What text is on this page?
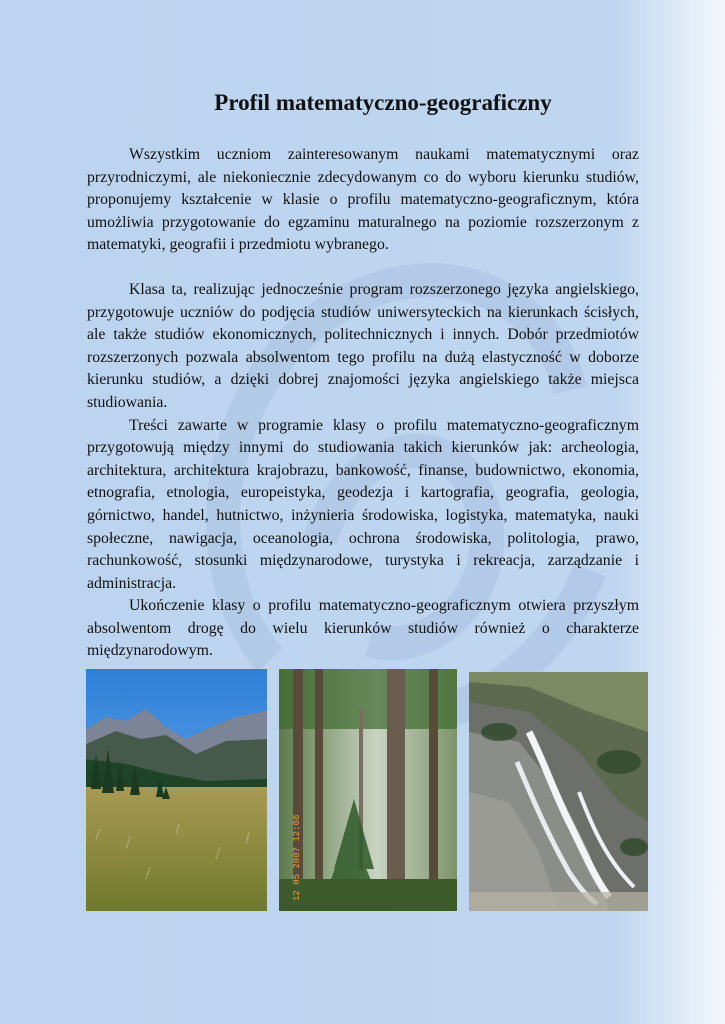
Profil matematyczno-geograficzny

Wszystkim uczniom zainteresowanym naukami matematycznymi oraz przyrodniczymi, ale niekoniecznie zdecydowanym co do wyboru kierunku studiów, proponujemy kształcenie w klasie o profilu matematyczno-geograficznym, która umożliwia przygotowanie do egzaminu maturalnego na poziomie rozszerzonym z matematyki, geografii i przedmiotu wybranego.

Klasa ta, realizując jednocześnie program rozszerzonego języka angielskiego, przygotowuje uczniów do podjęcia studiów uniwersyteckich na kierunkach ścisłych, ale także studiów ekonomicznych, politechnicznych i innych. Dobór przedmiotów rozszerzonych pozwala absolwentom tego profilu na dużą elastyczność w doborze kierunku studiów, a dzięki dobrej znajomości języka angielskiego także miejsca studiowania.

Treści zawarte w programie klasy o profilu matematyczno-geograficznym przygotowują między innymi do studiowania takich kierunków jak: archeologia, architektura, architektura krajobrazu, bankowość, finanse, budownictwo, ekonomia, etnografia, etnologia, europeistyka, geodezja i kartografia, geografia, geologia, górnictwo, handel, hutnictwo, inżynieria środowiska, logistyka, matematyka, nauki społeczne, nawigacja, oceanologia, ochrona środowiska, politologia, prawo, rachunkowość, stosunki międzynarodowe, turystyka i rekreacja, zarządzanie i administracja.

Ukończenie klasy o profilu matematyczno-geograficznym otwiera przyszłym absolwentom drogę do wielu kierunków studiów również o charakterze międzynarodowym.

12 05 2007 12:08
